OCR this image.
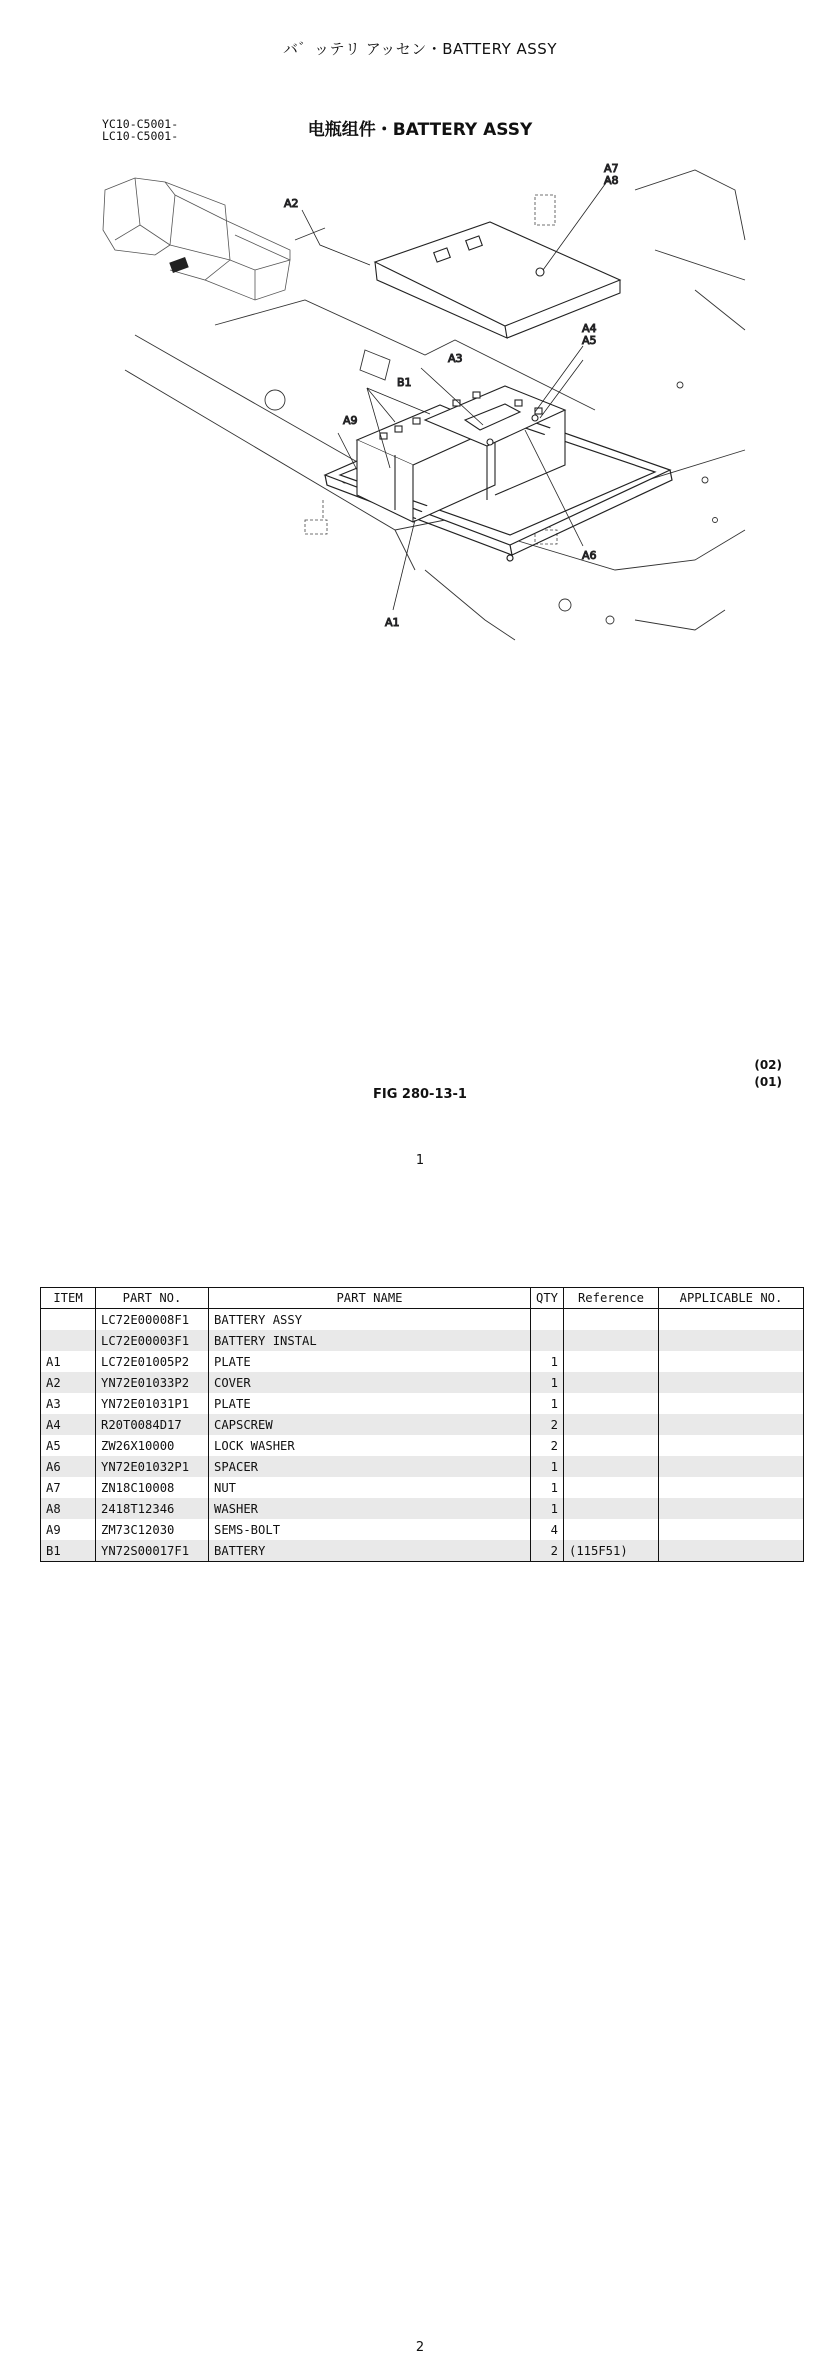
バ゛ッテリ アッセン・BATTERY ASSY
YC10-C5001-
LC10-C5001-	电瓶组件・BATTERY ASSY
A2
A7
A8
A4
A5
A3
B1
A9
A6
A1
(02)
(01)
FIG 280-13-1
1
ITEM	PART NO.	PART NAME	QTY	Reference	APPLICABLE NO.
	LC72E00008F1	BATTERY ASSY			
	LC72E00003F1	BATTERY INSTAL			
A1	LC72E01005P2	PLATE	1		
A2	YN72E01033P2	COVER	1		
A3	YN72E01031P1	PLATE	1		
A4	R20T0084D17	CAPSCREW	2		
A5	ZW26X10000	LOCK WASHER	2		
A6	YN72E01032P1	SPACER	1		
A7	ZN18C10008	NUT	1		
A8	2418T12346	WASHER	1		
A9	ZM73C12030	SEMS-BOLT	4		
B1	YN72S00017F1	BATTERY	2	(115F51)	
2
